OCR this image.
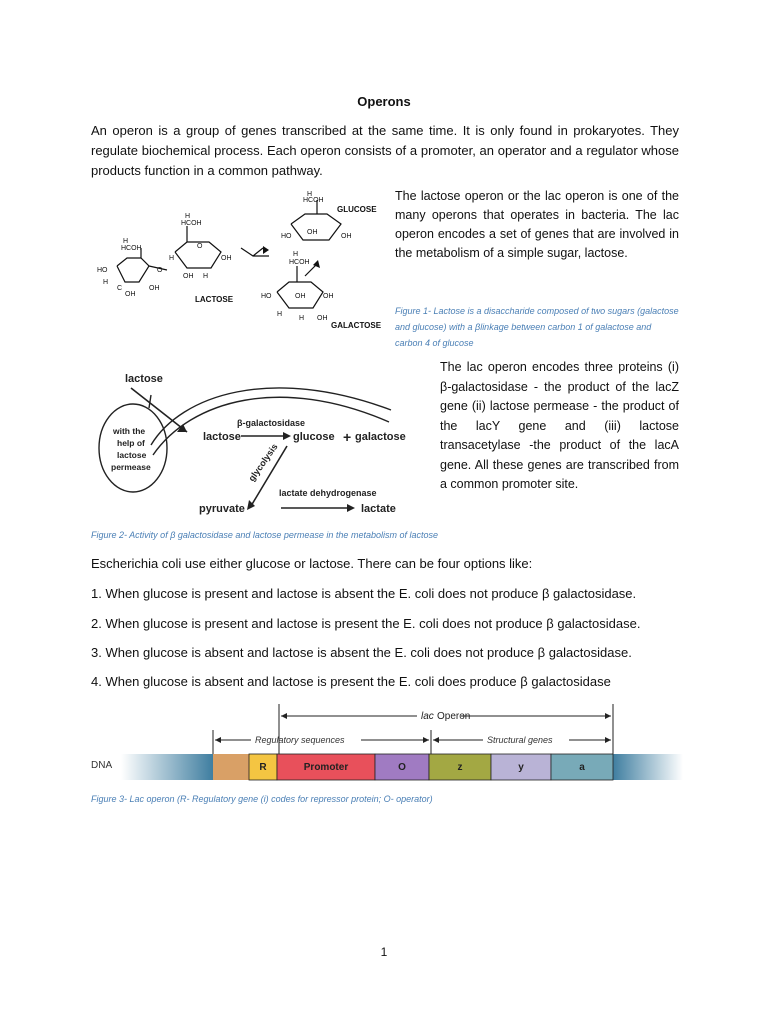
Operons
An operon is a group of genes transcribed at the same time. It is only found in prokaryotes. They regulate biochemical process. Each operon consists of a promoter, an operator and a regulator whose products function in a common pathway.
H
HCOH
HO
H
C
OH
OH
O
H
HCOH
H
O
OH
OH H
H
HCOH
HO
OH
OH
H
HCOH
HO	OH	OH
H OH
H
LACTOSE
GLUCOSE
GALACTOSE
The lactose operon or the lac operon is one of the many operons that operates in bacteria. The lac operon encodes a set of genes that are involved in the metabolism of a simple sugar, lactose.
Figure 1- Lactose is a disaccharide composed of two sugars (galactose and glucose) with a βlinkage between carbon 1 of galactose and carbon 4 of glucose
lactose
with the
help of
lactose
permease
β-galactosidase
lactose	glucose + galactose
glycolysis
lactate dehydrogenase
pyruvate	lactate
The lac operon encodes three proteins (i) β-galactosidase - the product of the lacZ gene (ii) lactose permease - the product of the lacY gene and (iii) lactose transacetylase -the product of the lacA gene. All these genes are transcribed from a common promoter site.
Figure 2- Activity of β galactosidase and lactose permease in the metabolism of lactose
Escherichia coli use either glucose or lactose. There can be four options like:
1. When glucose is present and lactose is absent the E. coli does not produce β galactosidase.
2. When glucose is present and lactose is present the E. coli does not produce β galactosidase.
3. When glucose is absent and lactose is absent the E. coli does not produce β galactosidase.
4. When glucose is absent and lactose is present the E. coli does produce β galactosidase
lac Operon
Regulatory sequences	Structural genes
DNA	R	Promoter	O	z	y	a
Figure 3- Lac operon (R- Regulatory gene (i) codes for repressor protein; O- operator)
1
